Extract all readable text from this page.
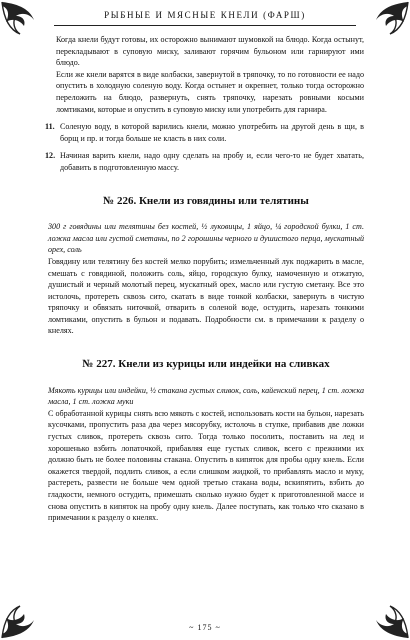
РЫБНЫЕ И МЯСНЫЕ КНЕЛИ (ФАРШ)

Когда кнели будут готовы, их осторожно вынимают шумовкой на блюдо. Когда остынут, перекладывают в суповую миску, заливают горячим бульоном или гарнируют ими блюдо.

Если же кнели варятся в виде колбаски, завернутой в тряпочку, то по готовности ее надо опустить в холодную соленую воду. Когда остынет и окрепнет, только тогда осторожно переложить на блюдо, развернуть, снять тряпочку, нарезать ровными косыми ломтиками, которые и опустить в суповую миску или употребить для гарнира.

11. Соленую воду, в которой варились кнели, можно употребить на другой день в щи, в борщ и пр. и тогда больше не класть в них соли.

12. Начиная варить кнели, надо одну сделать на пробу и, если чего-то не будет хватать, добавить в подготовленную массу.

№ 226. Кнели из говядины или телятины

300 г говядины или телятины без костей, ½ луковицы, 1 яйцо, ¼ городской булки, 1 ст. ложка масла или густой сметаны, по 2 горошины черного и душистого перца, мускатный орех, соль

Говядину или телятину без костей мелко порубить; измельченный лук поджарить в масле, смешать с говядиной, положить соль, яйцо, городскую булку, намоченную и отжатую, душистый и черный молотый перец, мускатный орех, масло или густую сметану. Все это истолочь, протереть сквозь сито, скатать в виде тонкой колбаски, завернуть в чистую тряпочку и обвязать ниточкой, отварить в соленой воде, остудить, нарезать тонкими ломтиками, опустить в бульон и подавать. Подробности см. в примечании к разделу о кнелях.

№ 227. Кнели из курицы или индейки на сливках

Мякоть курицы или индейки, ½ стакана густых сливок, соль, кайенский перец, 1 ст. ложка масла, 1 ст. ложка муки

С обработанной курицы снять всю мякоть с костей, использовать кости на бульон, нарезать кусочками, пропустить раза два через мясорубку, истолочь в ступке, прибавив две ложки густых сливок, протереть сквозь сито. Тогда только посолить, поставить на лед и хорошенько взбить лопаточкой, прибавляя еще густых сливок, всего с прежними их должно быть не более половины стакана. Опустить в кипяток для пробы одну кнель. Если окажется твердой, подлить сливок, а если слишком жидкой, то прибавлять масло и муку, растереть, развести не больше чем одной третью стакана воды, вскипятить, взбить до гладкости, немного остудить, примешать сколько нужно будет к приготовленной массе и снова опустить в кипяток на пробу одну кнель. Далее поступать, как только что сказано в примечании к разделу о кнелях.

~ 175 ~
